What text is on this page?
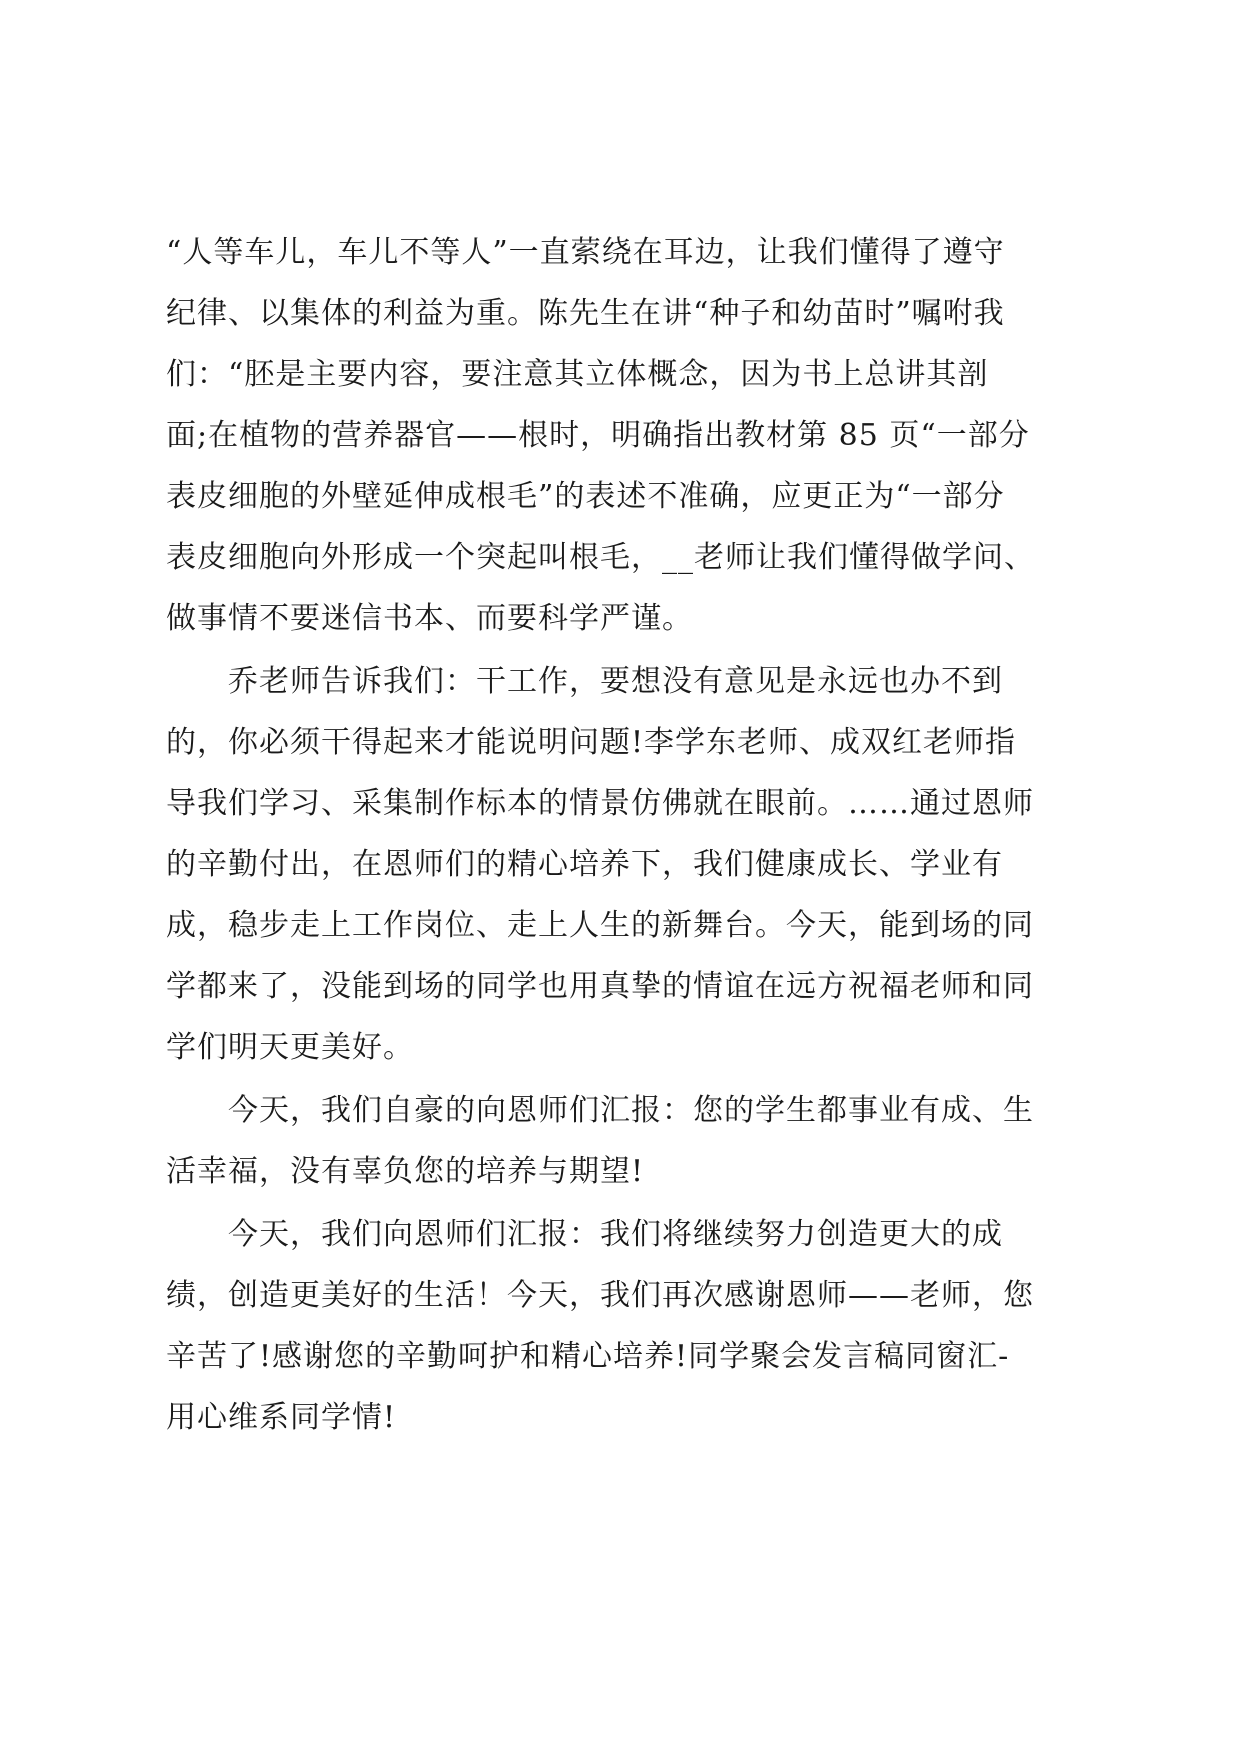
“人等车儿，车儿不等人”一直萦绕在耳边，让我们懂得了遵守
纪律、以集体的利益为重。陈先生在讲“种子和幼苗时”嘱咐我
们：“胚是主要内容，要注意其立体概念，因为书上总讲其剖
面;在植物的营养器官——根时，明确指出教材第 85 页“一部分
表皮细胞的外壁延伸成根毛”的表述不准确，应更正为“一部分
表皮细胞向外形成一个突起叫根毛，__老师让我们懂得做学问、
做事情不要迷信书本、而要科学严谨。
乔老师告诉我们：干工作，要想没有意见是永远也办不到
的，你必须干得起来才能说明问题!李学东老师、成双红老师指
导我们学习、采集制作标本的情景仿佛就在眼前。……通过恩师
的辛勤付出，在恩师们的精心培养下，我们健康成长、学业有
成，稳步走上工作岗位、走上人生的新舞台。今天，能到场的同
学都来了，没能到场的同学也用真挚的情谊在远方祝福老师和同
学们明天更美好。
今天，我们自豪的向恩师们汇报：您的学生都事业有成、生
活幸福，没有辜负您的培养与期望!
今天，我们向恩师们汇报：我们将继续努力创造更大的成
绩，创造更美好的生活！今天，我们再次感谢恩师——老师，您
辛苦了!感谢您的辛勤呵护和精心培养!同学聚会发言稿同窗汇-
用心维系同学情!
